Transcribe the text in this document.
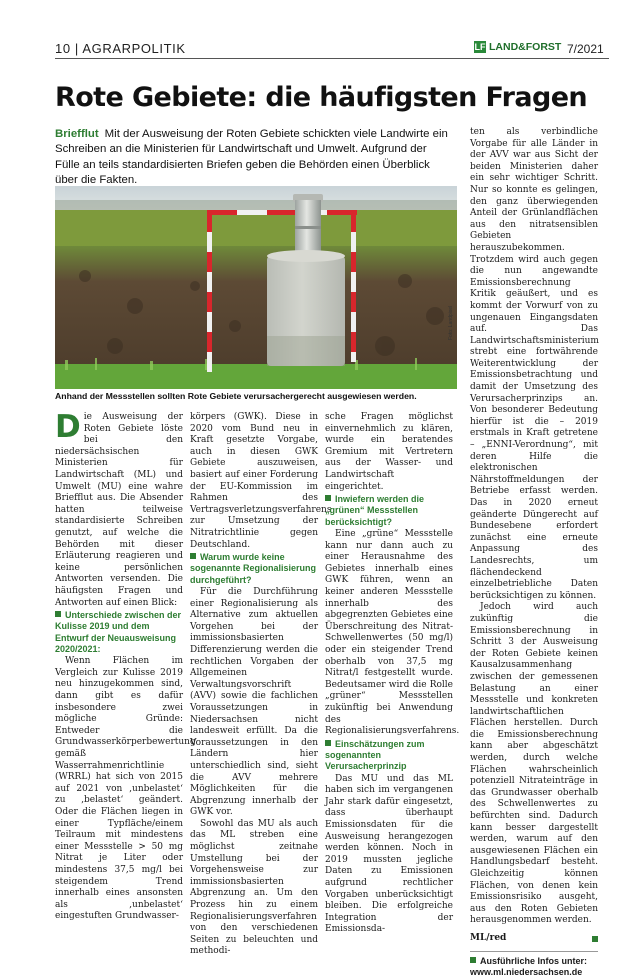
10 | AGRARPOLITIK	LF LAND&FORST 7/2021
Rote Gebiete: die häufigsten Fragen
Briefflut Mit der Ausweisung der Roten Gebiete schickten viele Landwirte ein Schreiben an die Ministerien für Landwirtschaft und Umwelt. Aufgrund der Fülle an teils standardisierten Briefen geben die Behörden einen Überblick über die Fakten.
Foto: Landpixel
Anhand der Messstellen sollten Rote Gebiete verursachergerecht ausgewiesen werden.

Die Ausweisung der Roten Gebiete löste bei den niedersächsischen Ministerien für Landwirtschaft (ML) und Umwelt (MU) eine wahre Briefflut aus. Die Absender hatten teilweise standardisierte Schreiben genutzt, auf welche die Behörden mit dieser Erläuterung reagieren und keine persönlichen Antworten versenden. Die häufigsten Fragen und Antworten auf einen Blick:

Unterschiede zwischen der Kulisse 2019 und dem Entwurf der Neuausweisung 2020/2021:

Wenn Flächen im Vergleich zur Kulisse 2019 neu hinzugekommen sind, dann gibt es dafür insbesondere zwei mögliche Gründe: Entweder die Grundwasserkörperbewertung gemäß Wasserrahmenrichtlinie (WRRL) hat sich von 2015 auf 2021 von ‚unbelastet‘ zu ‚belastet‘ geändert. Oder die Flächen liegen in einer Typfläche/einem Teilraum mit mindestens einer Messstelle > 50 mg Nitrat je Liter oder mindestens 37,5 mg/l bei steigendem Trend innerhalb eines ansonsten als ‚unbelastet‘ eingestuften Grundwasser-

körpers (GWK). Diese in 2020 vom Bund neu in Kraft gesetzte Vorgabe, auch in diesen GWK Gebiete auszuweisen, basiert auf einer Forderung der EU-Kommission im Rahmen des Vertragsverletzungsverfahrens zur Umsetzung der Nitratrichtlinie gegen Deutschland.

Warum wurde keine sogenannte Regionalisierung durchgeführt?

Für die Durchführung einer Regionalisierung als Alternative zum aktuellen Vorgehen bei der immissionsbasierten Differenzierung werden die rechtlichen Vorgaben der Allgemeinen Verwaltungsvorschrift (AVV) sowie die fachlichen Voraussetzungen in Niedersachsen nicht landesweit erfüllt. Da die Voraussetzungen in den Ländern hier unterschiedlich sind, sieht die AVV mehrere Möglichkeiten für die Abgrenzung innerhalb der GWK vor.

Sowohl das MU als auch das ML streben eine möglichst zeitnahe Umstellung bei der Vorgehensweise zur immissionsbasierten Abgrenzung an. Um den Prozess hin zu einem Regionalisierungsverfahren von den verschiedenen Seiten zu beleuchten und methodi-

sche Fragen möglichst einvernehmlich zu klären, wurde ein beratendes Gremium mit Vertretern aus der Wasser- und Landwirtschaft eingerichtet.

Inwiefern werden die „grünen“ Messstellen berücksichtigt?

Eine „grüne“ Messstelle kann nur dann auch zu einer Herausnahme des Gebietes innerhalb eines GWK führen, wenn an keiner anderen Messstelle innerhalb des abgegrenzten Gebietes eine Überschreitung des Nitrat-Schwellenwertes (50 mg/l) oder ein steigender Trend oberhalb von 37,5 mg Nitrat/l festgestellt wurde. Bedeutsamer wird die Rolle „grüner“ Messstellen zukünftig bei Anwendung des Regionalisierungsverfahrens.

Einschätzungen zum sogenannten Verursacherprinzip

Das MU und das ML haben sich im vergangenen Jahr stark dafür eingesetzt, dass überhaupt Emissionsdaten für die Ausweisung herangezogen werden können. Noch in 2019 mussten jegliche Daten zu Emissionen aufgrund rechtlicher Vorgaben unberücksichtigt bleiben. Die erfolgreiche Integration der Emissionsda-

ten als verbindliche Vorgabe für alle Länder in der AVV war aus Sicht der beiden Ministerien daher ein sehr wichtiger Schritt. Nur so konnte es gelingen, den ganz überwiegenden Anteil der Grünlandflächen aus den nitratsensiblen Gebieten herauszubekommen. Trotzdem wird auch gegen die nun angewandte Emissionsberechnung Kritik geäußert, und es kommt der Vorwurf von zu ungenauen Eingangsdaten auf. Das Landwirtschaftsministerium strebt eine fortwährende Weiterentwicklung der Emissionsbetrachtung und damit der Umsetzung des Verursacherprinzips an. Von besonderer Bedeutung hierfür ist die – 2019 erstmals in Kraft getretene – „ENNI-Verordnung“, mit deren Hilfe die elektronischen Nährstoffmeldungen der Betriebe erfasst werden. Das in 2020 erneut geänderte Düngerecht auf Bundesebene erfordert zunächst eine erneute Anpassung des Landesrechts, um flächendeckend einzelbetriebliche Daten berücksichtigen zu können.

Jedoch wird auch zukünftig die Emissionsberechnung in Schritt 3 der Ausweisung der Roten Gebiete keinen Kausalzusammenhang zwischen der gemessenen Belastung an einer Messstelle und konkreten landwirtschaftlichen Flächen herstellen. Durch die Emissionsberechnung kann aber abgeschätzt werden, durch welche Flächen wahrscheinlich potenziell Nitrateinträge in das Grundwasser oberhalb des Schwellenwertes zu befürchten sind. Dadurch kann besser dargestellt werden, warum auf den ausgewiesenen Flächen ein Handlungsbedarf besteht. Gleichzeitig können Flächen, von denen kein Emissionsrisiko ausgeht, aus den Roten Gebieten herausgenommen werden.

ML/red
Ausführliche Infos unter: www.ml.niedersachsen.de
